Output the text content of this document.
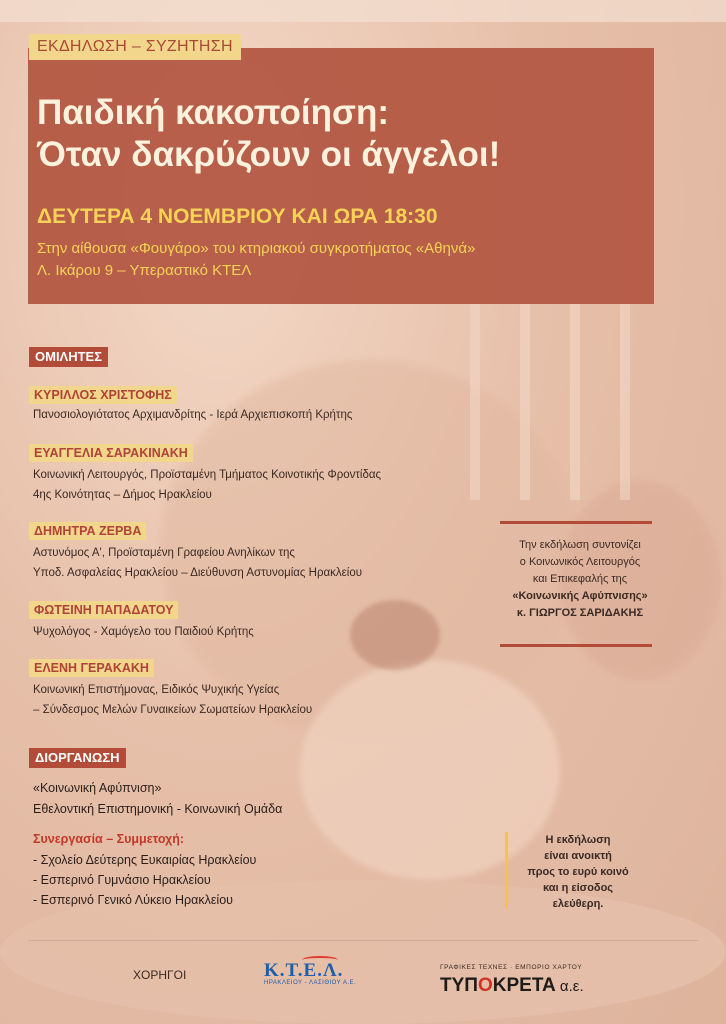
ΕΚΔΗΛΩΣΗ – ΣΥΖΗΤΗΣΗ
Παιδική κακοποίηση:
Όταν δακρύζουν οι άγγελοι!
ΔΕΥΤΕΡΑ 4 ΝΟΕΜΒΡΙΟΥ ΚΑΙ ΩΡΑ 18:30
Στην αίθουσα «Φουγάρο» του κτηριακού συγκροτήματος «Αθηνά»
Λ. Ικάρου 9 – Υπεραστικό ΚΤΕΛ
ΟΜΙΛΗΤΕΣ
ΚΥΡΙΛΛΟΣ ΧΡΙΣΤΟΦΗΣ
Πανοσιολογιότατος Αρχιμανδρίτης - Ιερά Αρχιεπισκοπή Κρήτης
ΕΥΑΓΓΕΛΙΑ ΣΑΡΑΚΙΝΑΚΗ
Κοινωνική Λειτουργός, Προϊσταμένη Τμήματος Κοινοτικής Φροντίδας
4ης Κοινότητας – Δήμος Ηρακλείου
ΔΗΜΗΤΡΑ ΖΕΡΒΑ
Αστυνόμος Α', Προϊσταμένη Γραφείου Ανηλίκων της
Υποδ. Ασφαλείας Ηρακλείου – Διεύθυνση Αστυνομίας Ηρακλείου
ΦΩΤΕΙΝΗ ΠΑΠΑΔΑΤΟΥ
Ψυχολόγος - Χαμόγελο του Παιδιού Κρήτης
ΕΛΕΝΗ ΓΕΡΑΚΑΚΗ
Κοινωνική Επιστήμονας, Ειδικός Ψυχικής Υγείας
– Σύνδεσμος Μελών Γυναικείων Σωματείων Ηρακλείου
Την εκδήλωση συντονίζει
ο Κοινωνικός Λειτουργός
και Επικεφαλής της
«Κοινωνικής Αφύπνισης»
κ. ΓΙΩΡΓΟΣ ΣΑΡΙΔΑΚΗΣ
ΔΙΟΡΓΑΝΩΣΗ
«Κοινωνική Αφύπνιση»
Εθελοντική Επιστημονική - Κοινωνική Ομάδα
Συνεργασία – Συμμετοχή:
- Σχολείο Δεύτερης Ευκαιρίας Ηρακλείου
- Εσπερινό Γυμνάσιο Ηρακλείου
- Εσπερινό Γενικό Λύκειο Ηρακλείου
Η εκδήλωση
είναι ανοικτή
προς το ευρύ κοινό
και η είσοδος
ελεύθερη.
ΧΟΡΗΓΟΙ	Κ.Τ.Ε.Λ.
ΗΡΑΚΛΕΙΟΥ - ΛΑΣΙΘΙΟΥ Α.Ε.
ΓΡΑΦΙΚΕΣ ΤΕΧΝΕΣ · ΕΜΠΟΡΙΟ ΧΑΡΤΟΥ
ΤΥΠΟΚΡΕΤΑ α.ε.
